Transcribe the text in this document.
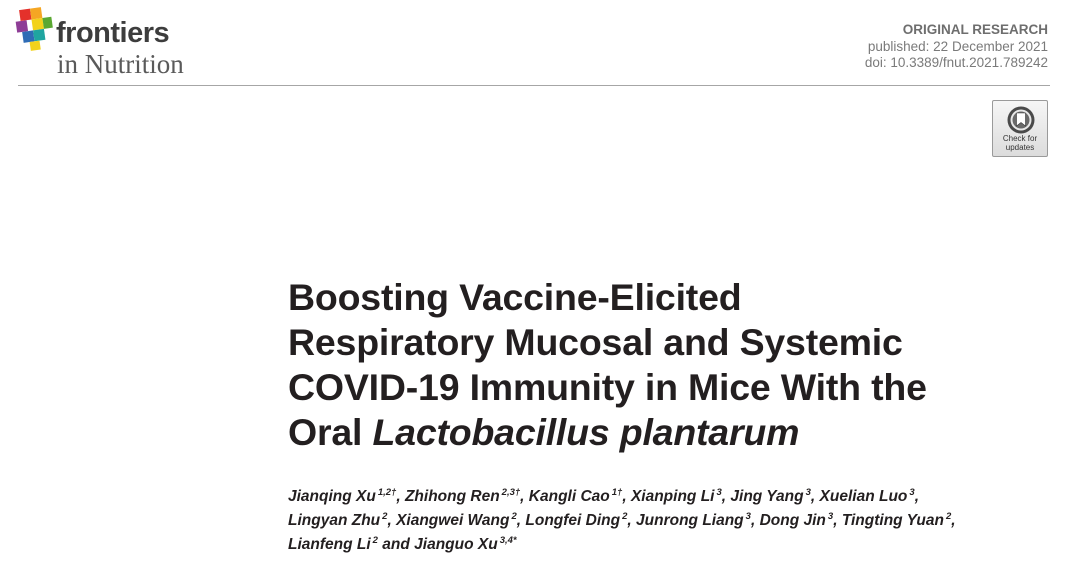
frontiers
in Nutrition
ORIGINAL RESEARCH
published: 22 December 2021
doi: 10.3389/fnut.2021.789242
Check for
updates
Boosting Vaccine-Elicited
Respiratory Mucosal and Systemic
COVID-19 Immunity in Mice With the
Oral Lactobacillus plantarum

Jianqing Xu $^{1,2\dagger}$, Zhihong Ren $^{2,3\dagger}$, Kangli Cao $^{1\dagger}$, Xianping Li $^3$, Jing Yang $^3$, Xuelian Luo $^3$,
Lingyan Zhu $^2$, Xiangwei Wang $^2$, Longfei Ding $^2$, Junrong Liang $^3$, Dong Jin $^3$, Tingting Yuan $^2$,
Lianfeng Li $^2$ and Jianguo Xu $^{3,4*}$
